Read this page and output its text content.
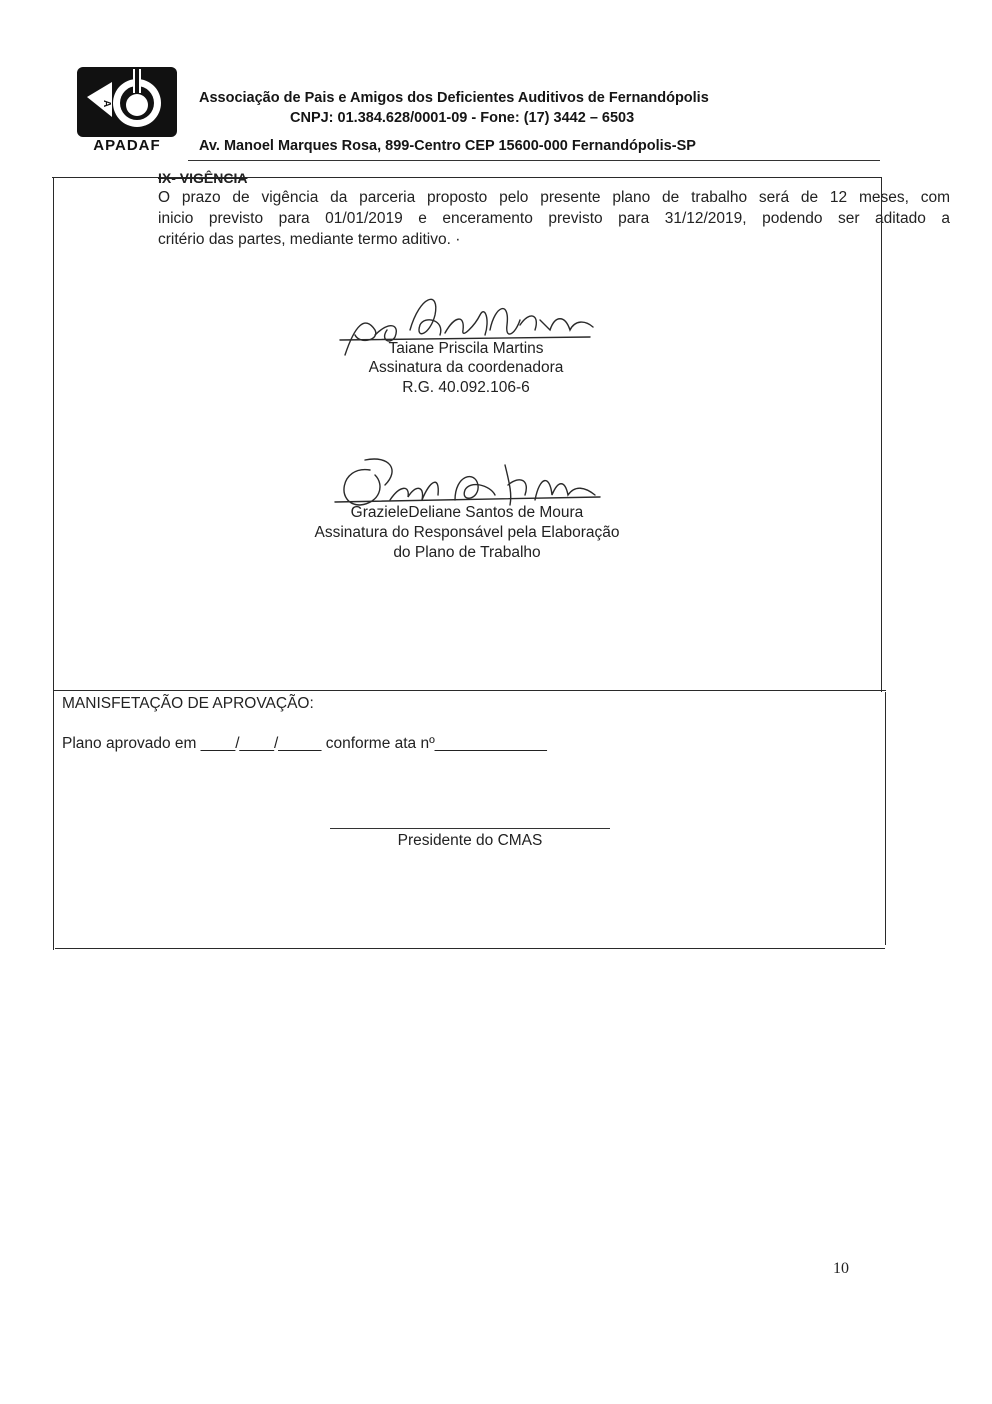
A
APADAF
Associação de Pais e Amigos dos Deficientes Auditivos de Fernandópolis
CNPJ: 01.384.628/0001-09 - Fone: (17) 3442 – 6503
Av. Manoel Marques Rosa, 899-Centro CEP 15600-000 Fernandópolis-SP
IX- VIGÊNCIA
O prazo de vigência da parceria proposto pelo presente plano de trabalho será de 12 meses, com
inicio previsto para 01/01/2019 e enceramento previsto para 31/12/2019, podendo ser aditado a
critério das partes, mediante termo aditivo. ·
Taiane Priscila Martins
Assinatura da coordenadora
R.G. 40.092.106-6
GrazieleDeliane Santos de Moura
Assinatura do Responsável pela Elaboração
do Plano de Trabalho
MANISFETAÇÃO DE APROVAÇÃO:
Plano aprovado em ____/____/_____ conforme ata nº_____________
Presidente do CMAS
10
